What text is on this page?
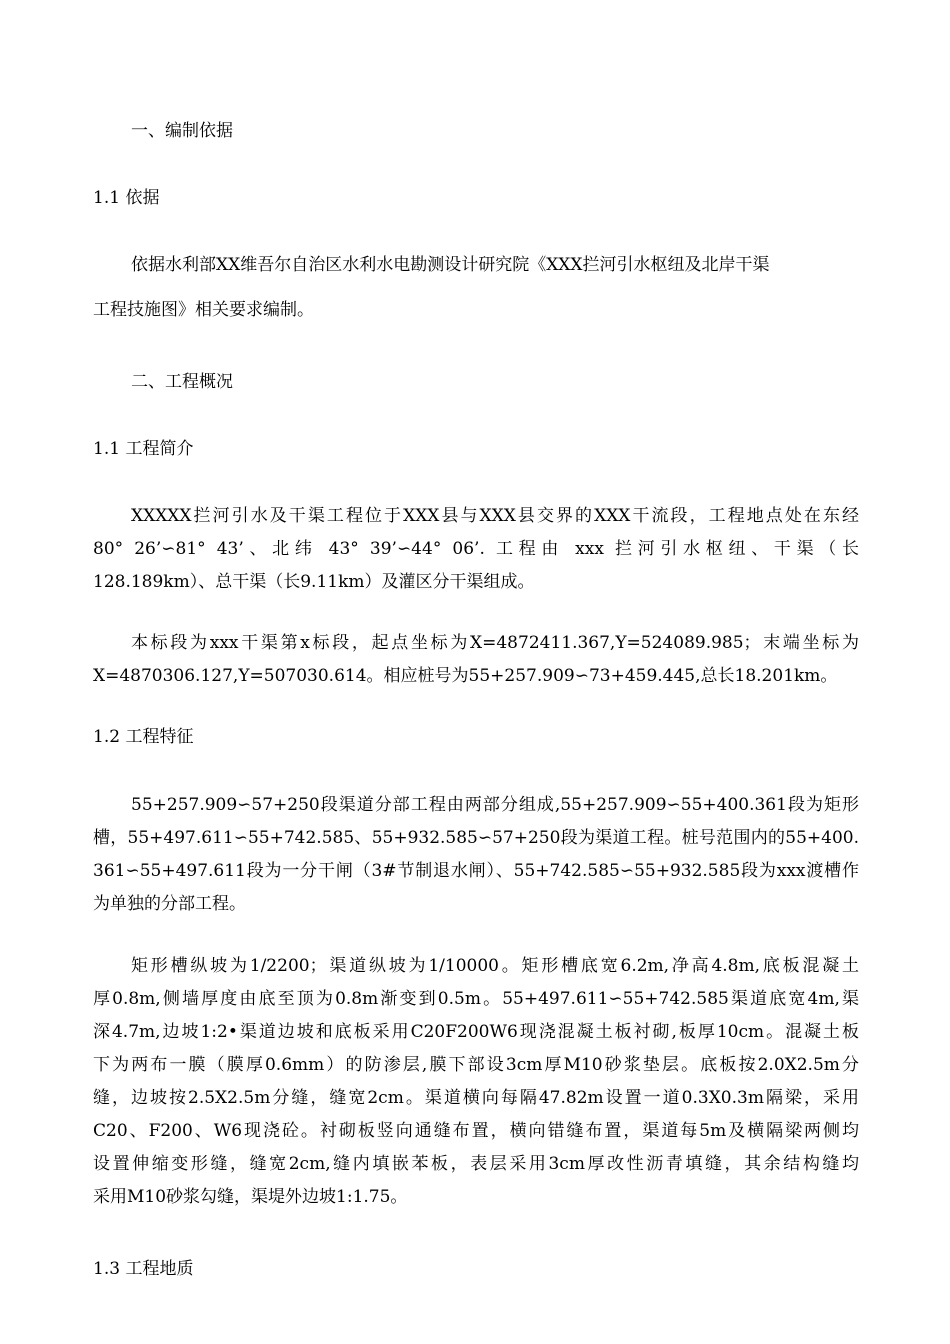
一、编制依据
1.1 依据
依据水利部XX维吾尔自治区水利水电勘测设计研究院《XXX拦河引水枢纽及北岸干渠
工程技施图》相关要求编制。
二、工程概况
1.1 工程简介
XXXXX拦河引水及干渠工程位于XXX县与XXX县交界的XXX干流段，工程地点处在东经
80° 26’∽81° 43’、北纬 43° 39’∽44° 06’. 工程由 xxx 拦河引水枢纽、干渠（长
128.189km）、总干渠（长9.11km）及灌区分干渠组成。
本标段为xxx干渠第x标段，起点坐标为X=4872411.367,Y=524089.985；末端坐标为
X=4870306.127,Y=507030.614。相应桩号为55+257.909∽73+459.445,总长18.201km。
1.2 工程特征
55+257.909∽57+250段渠道分部工程由两部分组成,55+257.909∽55+400.361段为矩形
槽，55+497.611∽55+742.585、55+932.585∽57+250段为渠道工程。桩号范围内的55+400.
361∽55+497.611段为一分干闸（3#节制退水闸）、55+742.585∽55+932.585段为xxx渡槽作
为单独的分部工程。
矩形槽纵坡为1/2200；渠道纵坡为1/10000。矩形槽底宽6.2m,净高4.8m,底板混凝土
厚0.8m,侧墙厚度由底至顶为0.8m渐变到0.5m。55+497.611∽55+742.585渠道底宽4m,渠
深4.7m,边坡1:2•渠道边坡和底板采用C20F200W6现浇混凝土板衬砌,板厚10cm。混凝土板
下为两布一膜（膜厚0.6mm）的防渗层,膜下部设3cm厚M10砂浆垫层。底板按2.0X2.5m分
缝，边坡按2.5X2.5m分缝，缝宽2cm。渠道横向每隔47.82m设置一道0.3X0.3m隔梁，采用
C20、F200、W6现浇砼。衬砌板竖向通缝布置，横向错缝布置，渠道每5m及横隔梁两侧均
设置伸缩变形缝，缝宽2cm,缝内填嵌苯板，表层采用3cm厚改性沥青填缝，其余结构缝均
采用M10砂浆勾缝，渠堤外边坡1:1.75。
1.3 工程地质
